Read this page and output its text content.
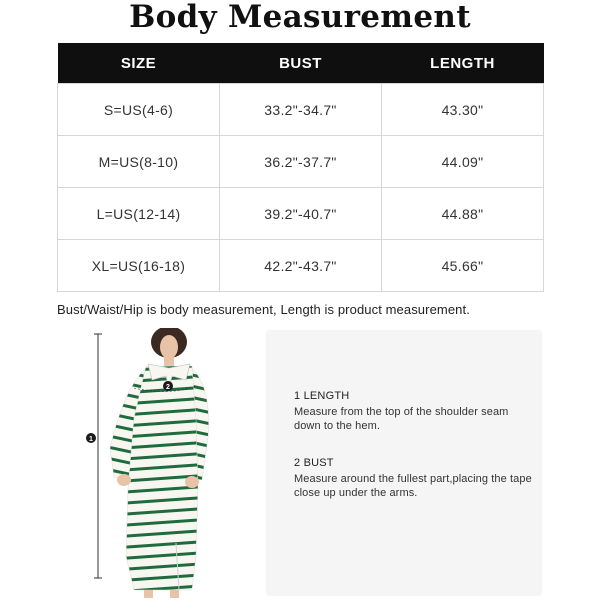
Body Measurement
SIZE	BUST	LENGTH
S=US(4-6)	33.2"-34.7"	43.30"
M=US(8-10)	36.2"-37.7"	44.09"
L=US(12-14)	39.2"-40.7"	44.88"
XL=US(16-18)	42.2"-43.7"	45.66"
Bust/Waist/Hip is body measurement, Length is product measurement.
1
2
1 LENGTH
Measure from the top of the shoulder seam down to the hem.
2 BUST
Measure around the fullest part,placing the tape close up under the arms.
